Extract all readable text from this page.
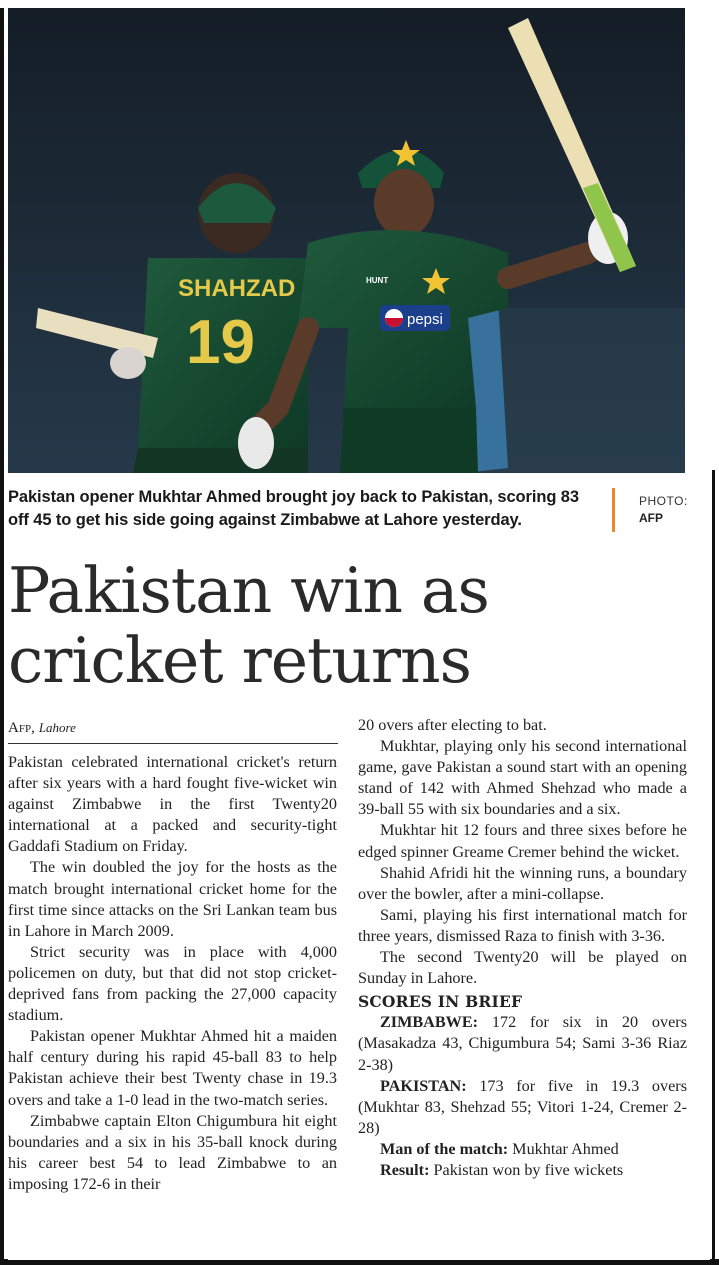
SHAHZAD
19	pepsi
HUNT
Pakistan opener Mukhtar Ahmed brought joy back to Pakistan, scoring 83 off 45 to get his side going against Zimbabwe at Lahore yesterday.
PHOTO:
AFP
Pakistan win as
cricket returns
Afp, Lahore

Pakistan celebrated international cricket's return after six years with a hard fought five-wicket win against Zimbabwe in the first Twenty20 international at a packed and security-tight Gaddafi Stadium on Friday.

The win doubled the joy for the hosts as the match brought international cricket home for the first time since attacks on the Sri Lankan team bus in Lahore in March 2009.

Strict security was in place with 4,000 policemen on duty, but that did not stop cricket-deprived fans from packing the 27,000 capacity stadium.

Pakistan opener Mukhtar Ahmed hit a maiden half century during his rapid 45-ball 83 to help Pakistan achieve their best Twenty chase in 19.3 overs and take a 1-0 lead in the two-match series.

Zimbabwe captain Elton Chigumbura hit eight boundaries and a six in his 35-ball knock during his career best 54 to lead Zimbabwe to an imposing 172-6 in their

20 overs after electing to bat.

Mukhtar, playing only his second international game, gave Pakistan a sound start with an opening stand of 142 with Ahmed Shehzad who made a 39-ball 55 with six boundaries and a six.

Mukhtar hit 12 fours and three sixes before he edged spinner Greame Cremer behind the wicket.

Shahid Afridi hit the winning runs, a boundary over the bowler, after a mini-collapse.

Sami, playing his first international match for three years, dismissed Raza to finish with 3-36.

The second Twenty20 will be played on Sunday in Lahore.

SCORES IN BRIEF

ZIMBABWE: 172 for six in 20 overs (Masakadza 43, Chigumbura 54; Sami 3-36 Riaz 2-38)

PAKISTAN: 173 for five in 19.3 overs (Mukhtar 83, Shehzad 55; Vitori 1-24, Cremer 2-28)

Man of the match: Mukhtar Ahmed

Result: Pakistan won by five wickets
